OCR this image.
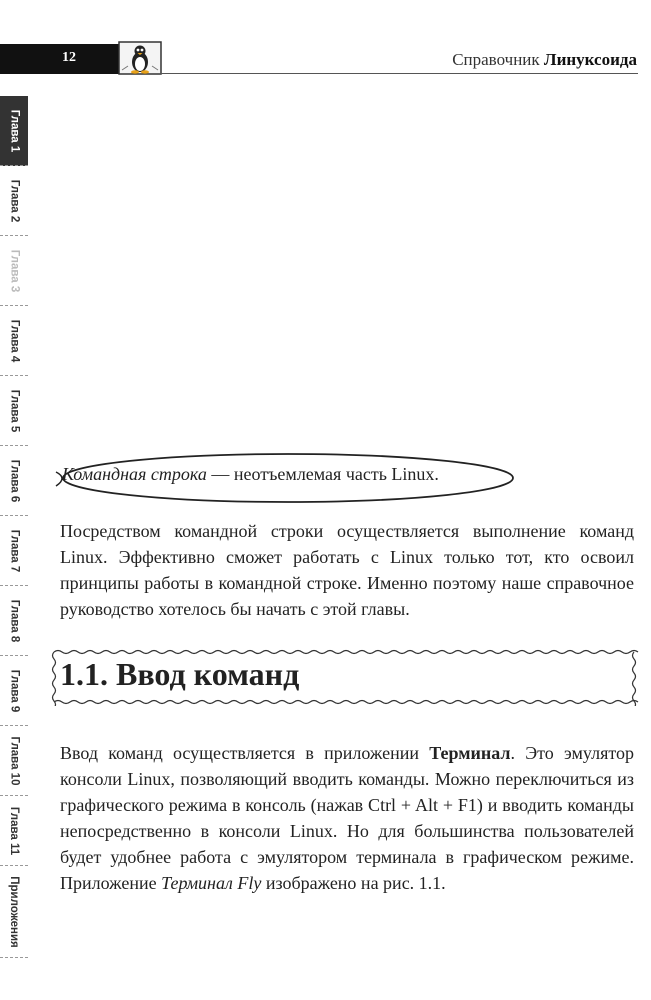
12	Справочник Линуксоида
Глава 1
Глава 2
Глава 3
Глава 4
Глава 5
Глава 6
Глава 7
Глава 8
Глава 9
Глава 10
Глава 11
Приложения
Командная строка — неотъемлемая часть Linux.

Посредством командной строки осуществляется выполнение команд Linux. Эффективно сможет работать с Linux только тот, кто освоил принципы работы в командной строке. Именно поэтому наше справочное руководство хотелось бы начать с этой главы.

1.1. Ввод команд

Ввод команд осуществляется в приложении Терминал. Это эмулятор консоли Linux, позволяющий вводить команды. Можно переключиться из графического режима в консоль (нажав Ctrl + Alt + F1) и вводить команды непосредственно в консоли Linux. Но для большинства пользователей будет удобнее работа с эмулятором терминала в графическом режиме. Приложение Терминал Fly изображено на рис. 1.1.
